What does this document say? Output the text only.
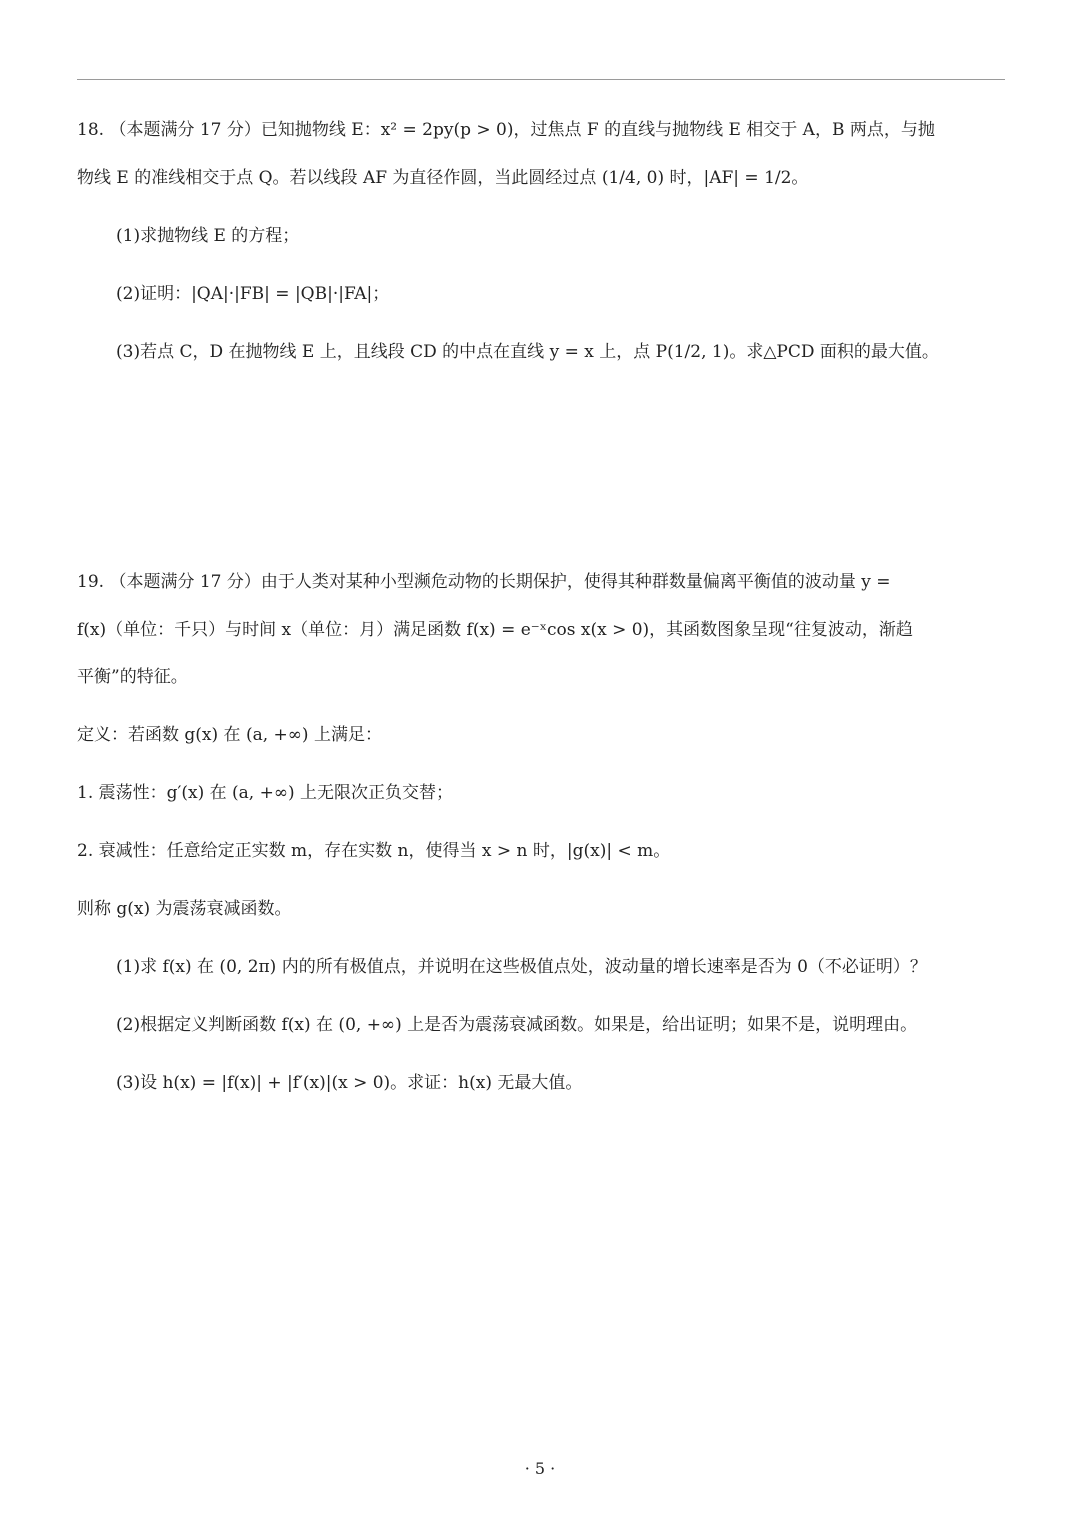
18. （本题满分 17 分）已知抛物线 E：x² = 2py(p > 0)，过焦点 F 的直线与抛物线 E 相交于 A，B 两点，与抛
物线 E 的准线相交于点 Q。若以线段 AF 为直径作圆，当此圆经过点 (1/4, 0) 时，|AF| = 1/2。
(1)求抛物线 E 的方程；
(2)证明：|QA|·|FB| = |QB|·|FA|；
(3)若点 C，D 在抛物线 E 上，且线段 CD 的中点在直线 y = x 上，点 P(1/2, 1)。求△PCD 面积的最大值。
19. （本题满分 17 分）由于人类对某种小型濒危动物的长期保护，使得其种群数量偏离平衡值的波动量 y =
f(x)（单位：千只）与时间 x（单位：月）满足函数 f(x) = e⁻ˣcos x(x > 0)，其函数图象呈现“往复波动，渐趋
平衡”的特征。
定义：若函数 g(x) 在 (a, +∞) 上满足：
1. 震荡性：g′(x) 在 (a, +∞) 上无限次正负交替；
2. 衰减性：任意给定正实数 m，存在实数 n，使得当 x > n 时，|g(x)| < m。
则称 g(x) 为震荡衰减函数。
(1)求 f(x) 在 (0, 2π) 内的所有极值点，并说明在这些极值点处，波动量的增长速率是否为 0（不必证明）？
(2)根据定义判断函数 f(x) 在 (0, +∞) 上是否为震荡衰减函数。如果是，给出证明；如果不是，说明理由。
(3)设 h(x) = |f(x)| + |f′(x)|(x > 0)。求证：h(x) 无最大值。
· 5 ·
